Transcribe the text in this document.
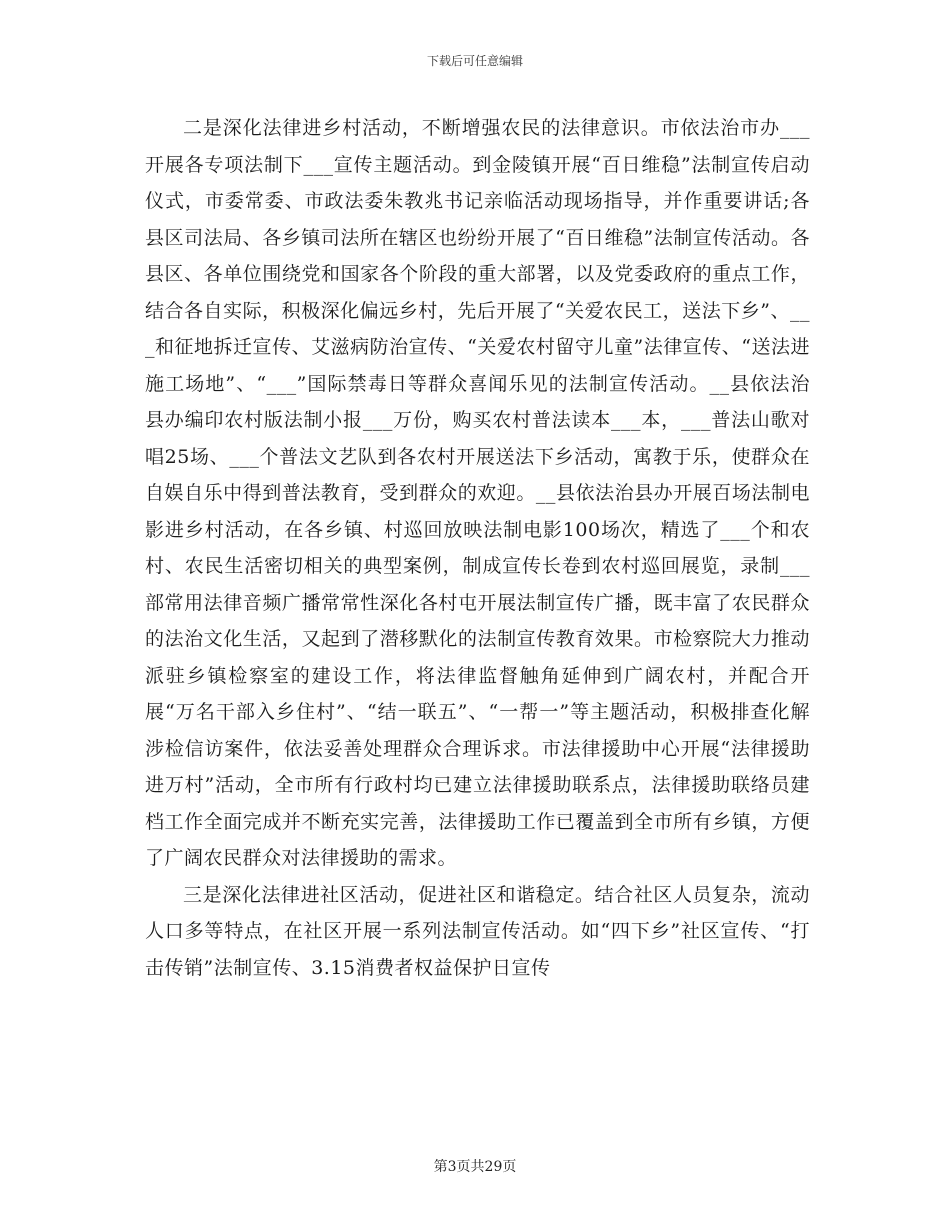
下载后可任意编辑

二是深化法律进乡村活动，不断增强农民的法律意识。市依法治市办___开展各专项法制下___宣传主题活动。到金陵镇开展“百日维稳”法制宣传启动仪式，市委常委、市政法委朱教兆书记亲临活动现场指导，并作重要讲话;各县区司法局、各乡镇司法所在辖区也纷纷开展了“百日维稳”法制宣传活动。各县区、各单位围绕党和国家各个阶段的重大部署，以及党委政府的重点工作，结合各自实际，积极深化偏远乡村，先后开展了“关爱农民工，送法下乡”、___和征地拆迁宣传、艾滋病防治宣传、“关爱农村留守儿童”法律宣传、“送法进施工场地”、“___”国际禁毒日等群众喜闻乐见的法制宣传活动。__县依法治县办编印农村版法制小报___万份，购买农村普法读本___本，___普法山歌对唱25场、___个普法文艺队到各农村开展送法下乡活动，寓教于乐，使群众在自娱自乐中得到普法教育，受到群众的欢迎。__县依法治县办开展百场法制电影进乡村活动，在各乡镇、村巡回放映法制电影100场次，精选了___个和农村、农民生活密切相关的典型案例，制成宣传长卷到农村巡回展览，录制___部常用法律音频广播常常性深化各村屯开展法制宣传广播，既丰富了农民群众的法治文化生活，又起到了潜移默化的法制宣传教育效果。市检察院大力推动派驻乡镇检察室的建设工作，将法律监督触角延伸到广阔农村，并配合开展“万名干部入乡住村”、“结一联五”、“一帮一”等主题活动，积极排查化解涉检信访案件，依法妥善处理群众合理诉求。市法律援助中心开展“法律援助进万村”活动，全市所有行政村均已建立法律援助联系点，法律援助联络员建档工作全面完成并不断充实完善，法律援助工作已覆盖到全市所有乡镇，方便了广阔农民群众对法律援助的需求。

三是深化法律进社区活动，促进社区和谐稳定。结合社区人员复杂，流动人口多等特点，在社区开展一系列法制宣传活动。如“四下乡”社区宣传、“打击传销”法制宣传、3.15消费者权益保护日宣传

第3页共29页
